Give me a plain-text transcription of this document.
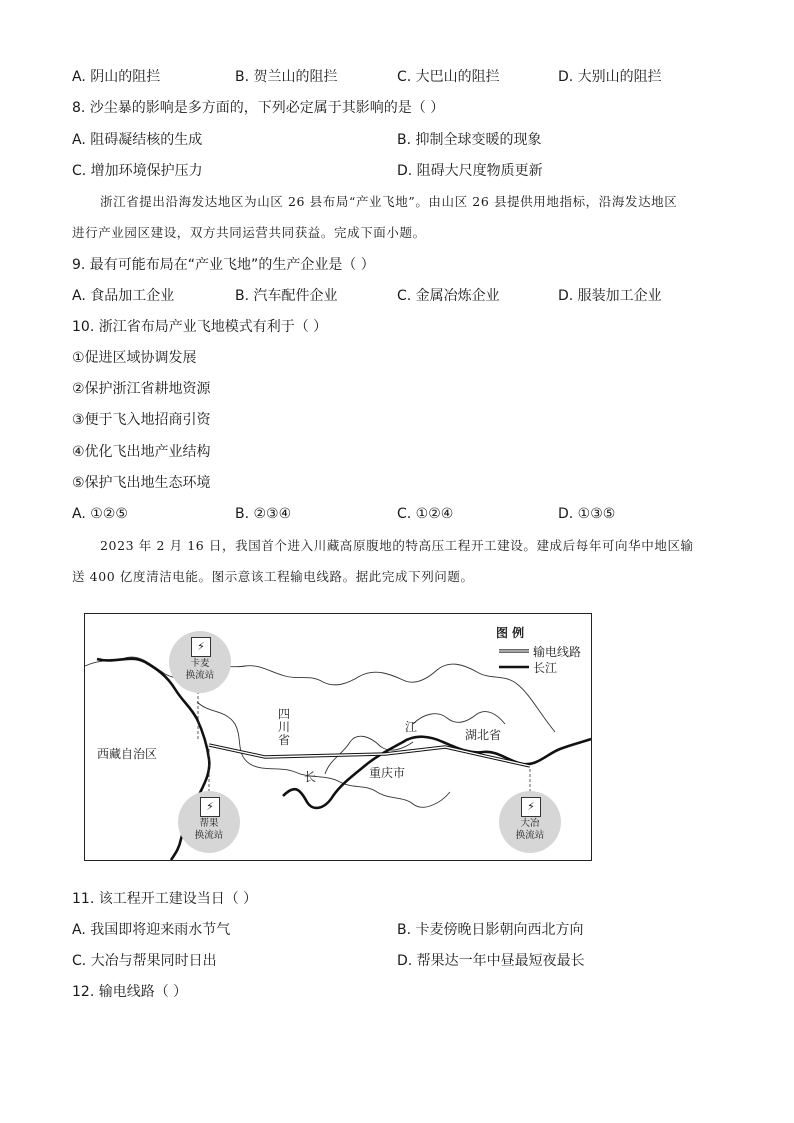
A. 阴山的阻拦	B. 贺兰山的阻拦	C. 大巴山的阻拦	D. 大别山的阻拦
8. 沙尘暴的影响是多方面的，下列必定属于其影响的是（ ）
A. 阻碍凝结核的生成	B. 抑制全球变暖的现象
C. 增加环境保护压力	D. 阻碍大尺度物质更新
浙江省提出沿海发达地区为山区 26 县布局“产业飞地”。由山区 26 县提供用地指标，沿海发达地区
进行产业园区建设，双方共同运营共同获益。完成下面小题。
9. 最有可能布局在“产业飞地”的生产企业是（ ）
A. 食品加工企业	B. 汽车配件企业	C. 金属冶炼企业	D. 服装加工企业
10. 浙江省布局产业飞地模式有利于（ ）
①促进区域协调发展
②保护浙江省耕地资源
③便于飞入地招商引资
④优化飞出地产业结构
⑤保护飞出地生态环境
A. ①②⑤	B. ②③④	C. ①②④	D. ①③⑤
2023 年 2 月 16 日，我国首个进入川藏高原腹地的特高压工程开工建设。建成后每年可向华中地区输
送 400 亿度清洁电能。图示意该工程输电线路。据此完成下列问题。
图 例
输电线路
长江
西藏自治区
四
川
省	湖北省
重庆市
江
长
⚡
卡麦
换流站
⚡
帮果
换流站
⚡
大冶
换流站
11. 该工程开工建设当日（ ）
A. 我国即将迎来雨水节气	B. 卡麦傍晚日影朝向西北方向
C. 大冶与帮果同时日出	D. 帮果达一年中昼最短夜最长
12. 输电线路（ ）
